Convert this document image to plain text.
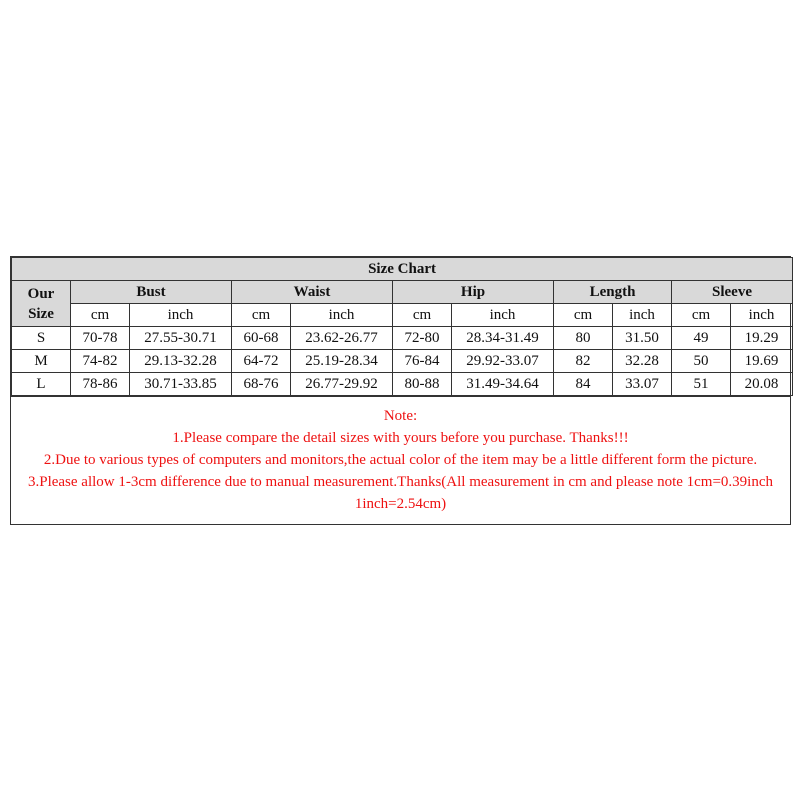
Size Chart										
Our
Size	Bust		Waist		Hip		Length		Sleeve	
	cm	inch	cm	inch	cm	inch	cm	inch	cm	inch
S	70-78	27.55-30.71	60-68	23.62-26.77	72-80	28.34-31.49	80	31.50	49	19.29
M	74-82	29.13-32.28	64-72	25.19-28.34	76-84	29.92-33.07	82	32.28	50	19.69
L	78-86	30.71-33.85	68-76	26.77-29.92	80-88	31.49-34.64	84	33.07	51	20.08

Note:

1.Please compare the detail sizes with yours before you purchase. Thanks!!!

2.Due to various types of computers and monitors,the actual color of the item may be a little different form the picture.

3.Please allow 1-3cm difference due to manual measurement.Thanks(All measurement in cm and please note 1cm=0.39inch 1inch=2.54cm)
